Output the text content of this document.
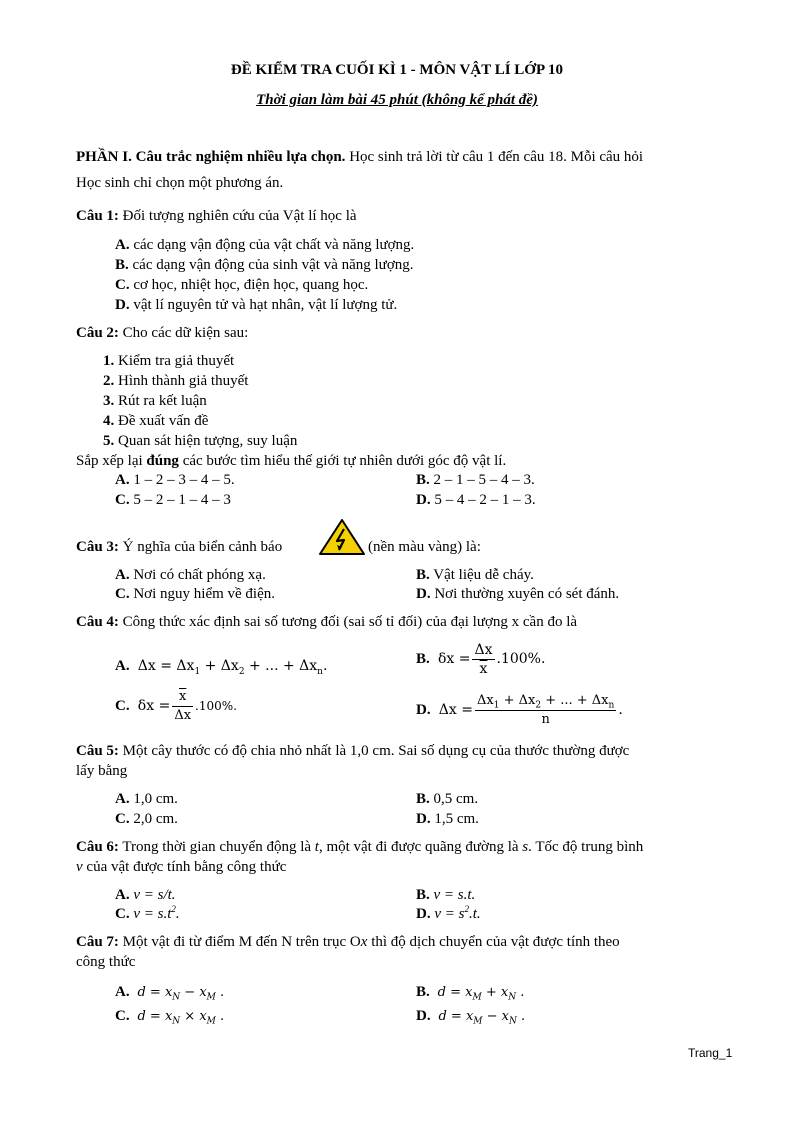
ĐỀ KIỂM TRA CUỐI KÌ 1 - MÔN VẬT LÍ LỚP 10
Thời gian làm bài 45 phút (không kể phát đề)
PHẦN I. Câu trắc nghiệm nhiều lựa chọn. Học sinh trả lời từ câu 1 đến câu 18. Mỗi câu hỏi
Học sinh chỉ chọn một phương án.
Câu 1: Đối tượng nghiên cứu của Vật lí học là
A. các dạng vận động của vật chất và năng lượng.
B. các dạng vận động của sinh vật và năng lượng.
C. cơ học, nhiệt học, điện học, quang học.
D. vật lí nguyên tử và hạt nhân, vật lí lượng tử.
Câu 2: Cho các dữ kiện sau:
1. Kiểm tra giả thuyết
2. Hình thành giả thuyết
3. Rút ra kết luận
4. Đề xuất vấn đề
5. Quan sát hiện tượng, suy luận
Sắp xếp lại đúng các bước tìm hiểu thế giới tự nhiên dưới góc độ vật lí.
A. 1 – 2 – 3 – 4 – 5.	B. 2 – 1 – 5 – 4 – 3.
C. 5 – 2 – 1 – 4 – 3	D. 5 – 4 – 2 – 1 – 3.
Câu 3: Ý nghĩa của biển cảnh báo	(nền màu vàng) là:
A. Nơi có chất phóng xạ.	B. Vật liệu dễ cháy.
C. Nơi nguy hiểm về điện.	D. Nơi thường xuyên có sét đánh.
Câu 4: Công thức xác định sai số tương đối (sai số tỉ đối) của đại lượng x cần đo là
A.  $\Delta x = \Delta x_1 + \Delta x_2$ + ... + $\Delta x_n$.	B.  $\delta x = \frac{\Delta x}{x} .100\%$.
C.  $\delta x = \frac{\overline{x}}{\Delta x} .100\%$.	D.  $\Delta x = \frac{\Delta x_1 + \Delta x_2 + ... + \Delta x_n}{n}$ .
Câu 5: Một cây thước có độ chia nhỏ nhất là 1,0 cm. Sai số dụng cụ của thước thường được
lấy bằng
A. 1,0 cm.	B. 0,5 cm.
C. 2,0 cm.	D. 1,5 cm.
Câu 6: Trong thời gian chuyển động là t, một vật đi được quãng đường là s. Tốc độ trung bình
v của vật được tính bằng công thức
A. v = s/t.	B. v = s.t.
C. $v = s.t^2$.	D. $v = s^2.t$.
Câu 7: Một vật đi từ điểm M đến N trên trục Ox thì độ dịch chuyển của vật được tính theo
công thức
A.  $d = x_N - x_M$ .	B.  $d = x_M + x_N$ .
C.  $d = x_N \times x_M$ .	D.  $d = x_M - x_N$ .
Trang_1
